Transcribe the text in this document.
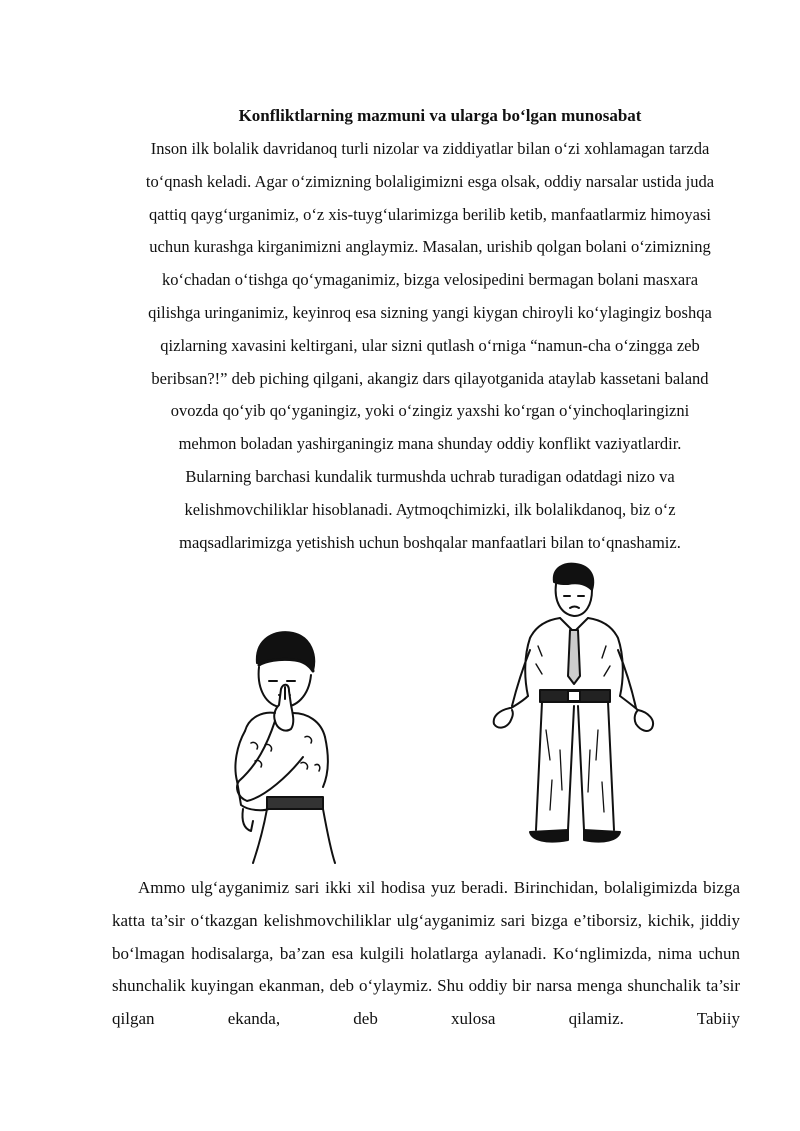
Konfliktlarning mazmuni va ularga bo‘lgan munosabat
Inson ilk bolalik davridanoq turli nizolar va ziddiyatlar bilan o‘zi xohlamagan tarzda
to‘qnash keladi. Agar o‘zimizning bolaligimizni esga olsak, oddiy narsalar ustida juda
qattiq qayg‘urganimiz, o‘z xis-tuyg‘ularimizga berilib ketib, manfaatlarmiz himoyasi
uchun kurashga kirganimizni anglaymiz. Masalan, urishib qolgan bolani o‘zimizning
ko‘chadan o‘tishga qo‘ymaganimiz, bizga velosipedini bermagan bolani masxara
qilishga uringanimiz, keyinroq esa sizning yangi kiygan chiroyli ko‘ylagingiz boshqa
qizlarning xavasini keltirgani, ular sizni qutlash o‘rniga “namun-cha o‘zingga zeb
beribsan?!” deb piching qilgani, akangiz dars qilayotganida ataylab kassetani baland
ovozda qo‘yib qo‘yganingiz, yoki o‘zingiz yaxshi ko‘rgan o‘yinchoqlaringizni
mehmon boladan yashirganingiz mana shunday oddiy konflikt vaziyatlardir.
Bularning barchasi kundalik turmushda uchrab turadigan odatdagi nizo va
kelishmovchiliklar hisoblanadi. Aytmoqchimizki, ilk bolalikdanoq, biz o‘z
maqsadlarimizga yetishish uchun boshqalar manfaatlari bilan to‘qnashamiz.

Ammo ulg‘ayganimiz sari ikki xil hodisa yuz beradi. Birinchidan, bolaligimizda bizga katta ta’sir o‘tkazgan kelishmovchiliklar ulg‘ayganimiz sari bizga e’tiborsiz, kichik, jiddiy bo‘lmagan hodisalarga, ba’zan esa kulgili holatlarga aylanadi. Ko‘nglimizda, nima uchun shunchalik kuyingan ekanman, deb o‘ylaymiz. Shu oddiy bir narsa menga shunchalik ta’sir qilgan ekanda, deb xulosa qilamiz. Tabiiy
